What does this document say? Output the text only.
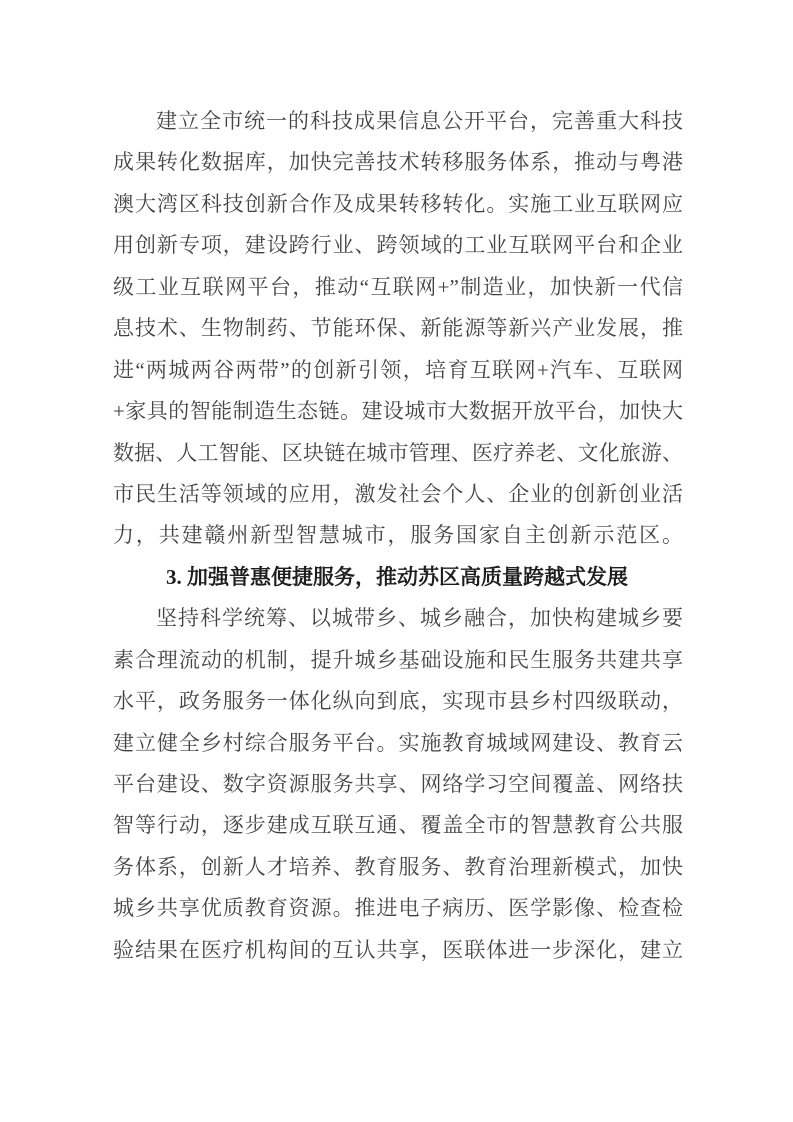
建立全市统一的科技成果信息公开平台，完善重大科技

成果转化数据库，加快完善技术转移服务体系，推动与粤港

澳大湾区科技创新合作及成果转移转化。实施工业互联网应

用创新专项，建设跨行业、跨领域的工业互联网平台和企业

级工业互联网平台，推动“互联网+”制造业，加快新一代信

息技术、生物制药、节能环保、新能源等新兴产业发展，推

进“两城两谷两带”的创新引领，培育互联网+汽车、互联网

+家具的智能制造生态链。建设城市大数据开放平台，加快大

数据、人工智能、区块链在城市管理、医疗养老、文化旅游、

市民生活等领域的应用，激发社会个人、企业的创新创业活

力，共建赣州新型智慧城市，服务国家自主创新示范区。

3. 加强普惠便捷服务，推动苏区高质量跨越式发展

坚持科学统筹、以城带乡、城乡融合，加快构建城乡要

素合理流动的机制，提升城乡基础设施和民生服务共建共享

水平，政务服务一体化纵向到底，实现市县乡村四级联动，

建立健全乡村综合服务平台。实施教育城域网建设、教育云

平台建设、数字资源服务共享、网络学习空间覆盖、网络扶

智等行动，逐步建成互联互通、覆盖全市的智慧教育公共服

务体系，创新人才培养、教育服务、教育治理新模式，加快

城乡共享优质教育资源。推进电子病历、医学影像、检查检

验结果在医疗机构间的互认共享，医联体进一步深化，建立
